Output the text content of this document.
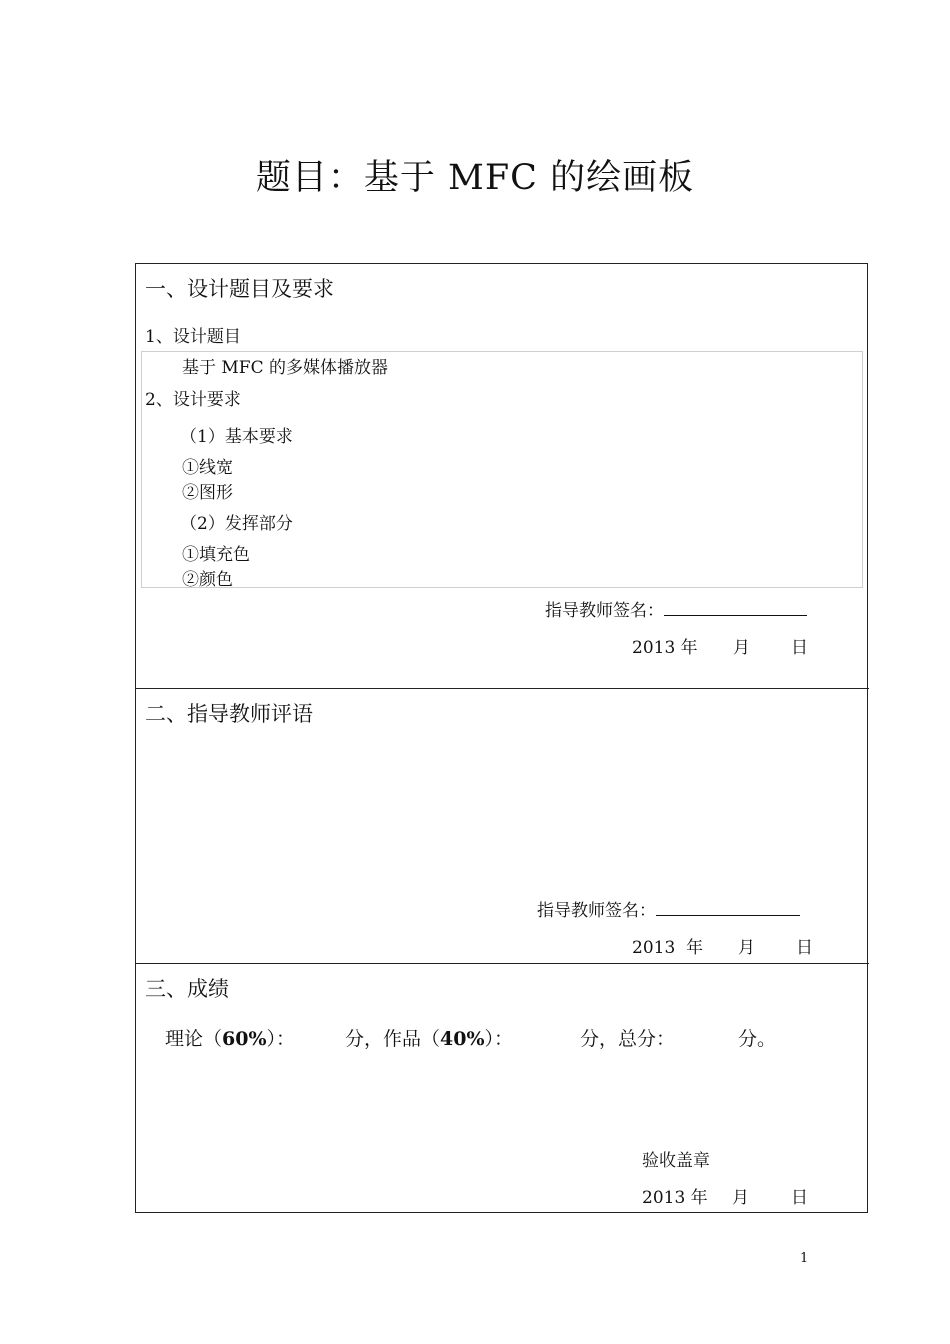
题目：基于 MFC 的绘画板
一、设计题目及要求
1、设计题目
基于 MFC 的多媒体播放器
2、设计要求
（1）基本要求
①线宽
②图形
（2）发挥部分
①填充色
②颜色
指导教师签名：
2013 年 月 日
二、指导教师评语
指导教师签名：
2013  年 月 日
三、成绩
理论（60%）：	分，作品（40%）：	分，总分：	分。
验收盖章
2013 年 月 日
1
